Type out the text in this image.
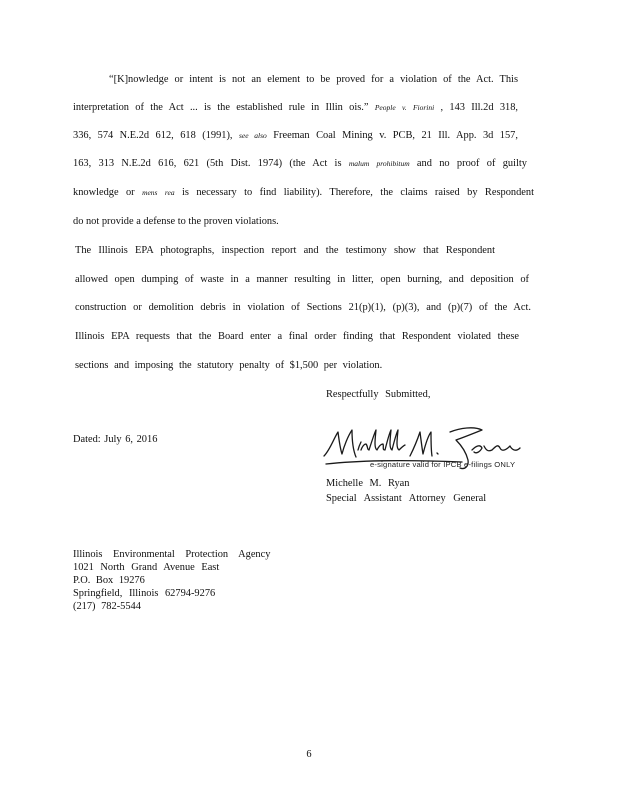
“[K]nowledge or intent is not an element to be proved for a violation of the Act. This
interpretation of the Act ... is the established rule in Illin ois.” People v. Fiorini , 143 Ill.2d 318,
336, 574 N.E.2d 612, 618 (1991), see also Freeman Coal Mining v. PCB, 21 Ill. App. 3d 157,
163, 313 N.E.2d 616, 621 (5th Dist. 1974) (the Act is malum prohibitum and no proof of guilty
knowledge or mens rea is necessary to find liability). Therefore, the claims raised by Respondent
do not provide a defense to the proven violations.
The Illinois EPA photographs, inspection report and the testimony show that Respondent
allowed open dumping of waste in a manner resulting in litter, open burning, and deposition of
construction or demolition debris in violation of Sections 21(p)(1), (p)(3), and (p)(7) of the Act.
Illinois EPA requests that the Board enter a final order finding that Respondent violated these
sections and imposing the statutory penalty of $1,500 per violation.
Respectfully Submitted,
Dated: July 6, 2016
e-signature valid for IPCB e-filings ONLY
Michelle M. Ryan
Special Assistant Attorney General
Illinois Environmental Protection Agency
1021 North Grand Avenue East
P.O. Box 19276
Springfield, Illinois 62794-9276
(217) 782-5544
6
